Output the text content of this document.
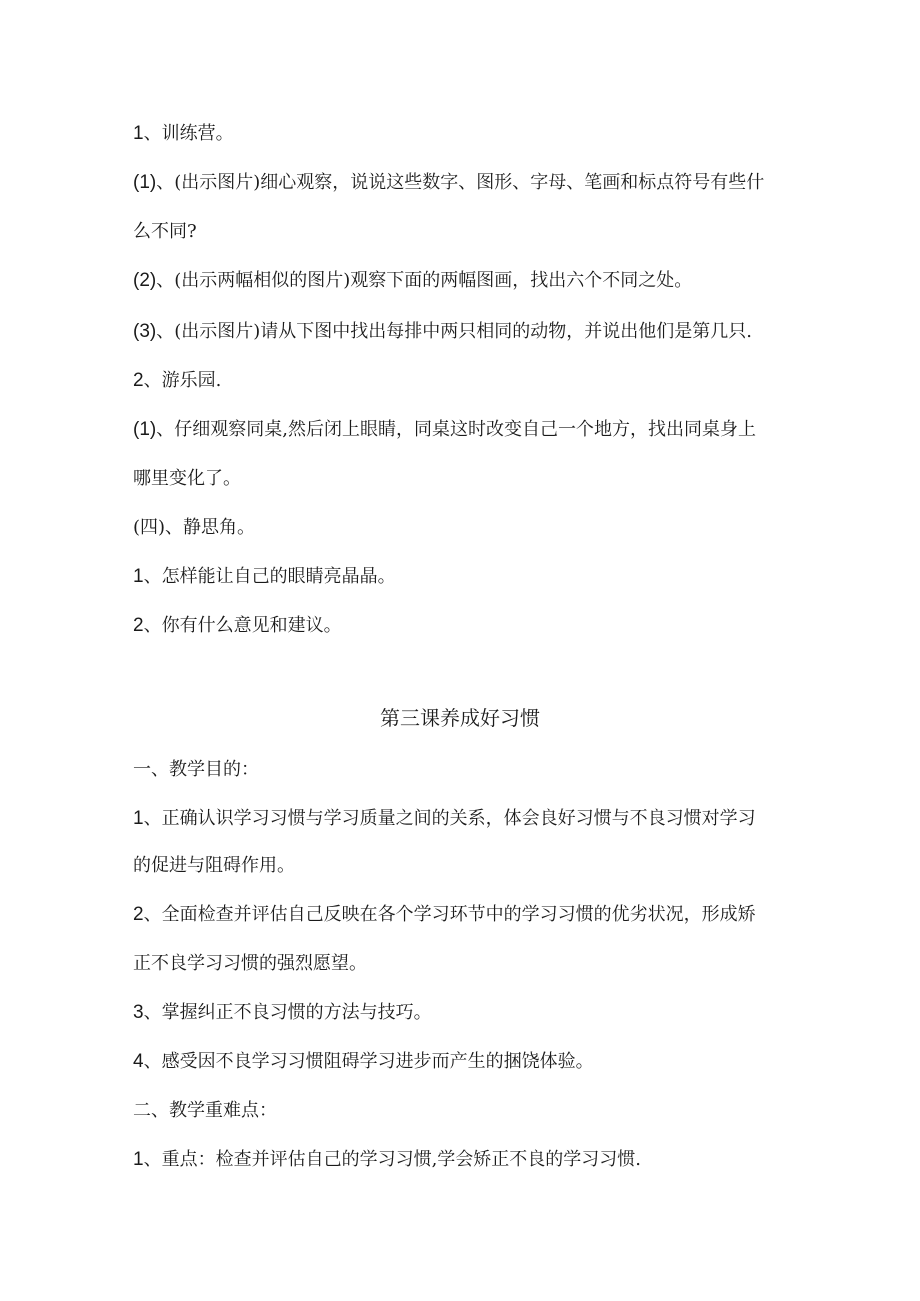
1、训练营。
(1)、(出示图片)细心观察，说说这些数字、图形、字母、笔画和标点符号有些什
么不同?
(2)、(出示两幅相似的图片)观察下面的两幅图画，找出六个不同之处。
(3)、(出示图片)请从下图中找出每排中两只相同的动物，并说出他们是第几只.
2、游乐园.
(1)、仔细观察同桌,然后闭上眼睛，同桌这时改变自己一个地方，找出同桌身上
哪里变化了。
(四)、静思角。
1、怎样能让自己的眼睛亮晶晶。
2、你有什么意见和建议。
第三课养成好习惯
一、教学目的：
1、正确认识学习习惯与学习质量之间的关系，体会良好习惯与不良习惯对学习
的促进与阻碍作用。
2、全面检查并评估自己反映在各个学习环节中的学习习惯的优劣状况，形成矫
正不良学习习惯的强烈愿望。
3、掌握纠正不良习惯的方法与技巧。
4、感受因不良学习习惯阻碍学习进步而产生的捆饶体验。
二、教学重难点：
1、重点：检查并评估自己的学习习惯,学会矫正不良的学习习惯.
